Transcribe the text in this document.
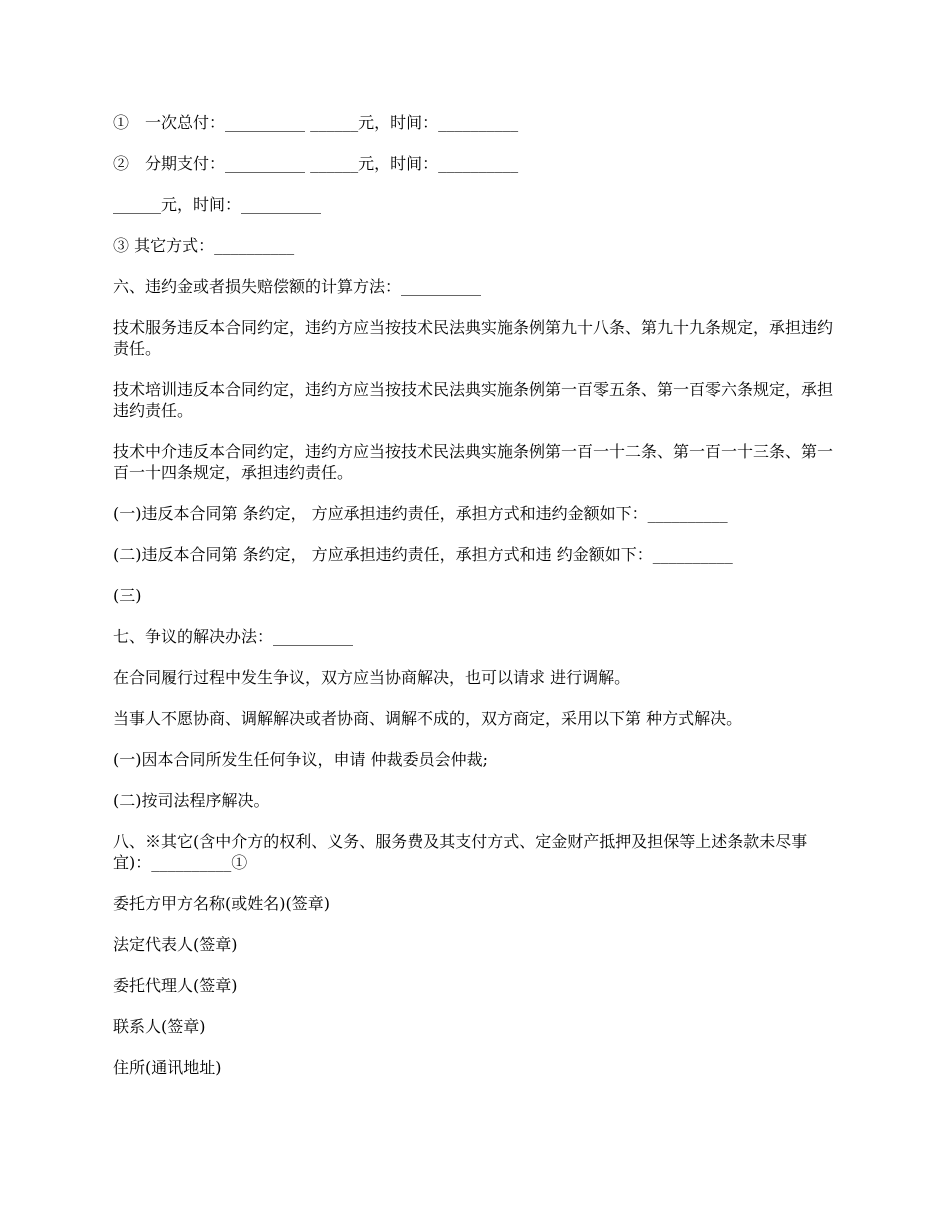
①　一次总付：__________ ______元，时间：__________

②　分期支付：__________ ______元，时间：__________

______元，时间：__________

③ 其它方式：__________

六、违约金或者损失赔偿额的计算方法：__________

技术服务违反本合同约定，违约方应当按技术民法典实施条例第九十八条、第九十九条规定，承担违约责任。

技术培训违反本合同约定，违约方应当按技术民法典实施条例第一百零五条、第一百零六条规定，承担违约责任。

技术中介违反本合同约定，违约方应当按技术民法典实施条例第一百一十二条、第一百一十三条、第一百一十四条规定，承担违约责任。

(一)违反本合同第 条约定， 方应承担违约责任，承担方式和违约金额如下：__________

(二)违反本合同第 条约定， 方应承担违约责任，承担方式和违 约金额如下：__________

(三)

七、争议的解决办法：__________

在合同履行过程中发生争议，双方应当协商解决，也可以请求 进行调解。

当事人不愿协商、调解解决或者协商、调解不成的，双方商定，采用以下第 种方式解决。

(一)因本合同所发生任何争议，申请 仲裁委员会仲裁;

(二)按司法程序解决。

八、※其它(含中介方的权利、义务、服务费及其支付方式、定金财产抵押及担保等上述条款未尽事宜)：__________①

委托方甲方名称(或姓名)(签章)

法定代表人(签章)

委托代理人(签章)

联系人(签章)

住所(通讯地址)
